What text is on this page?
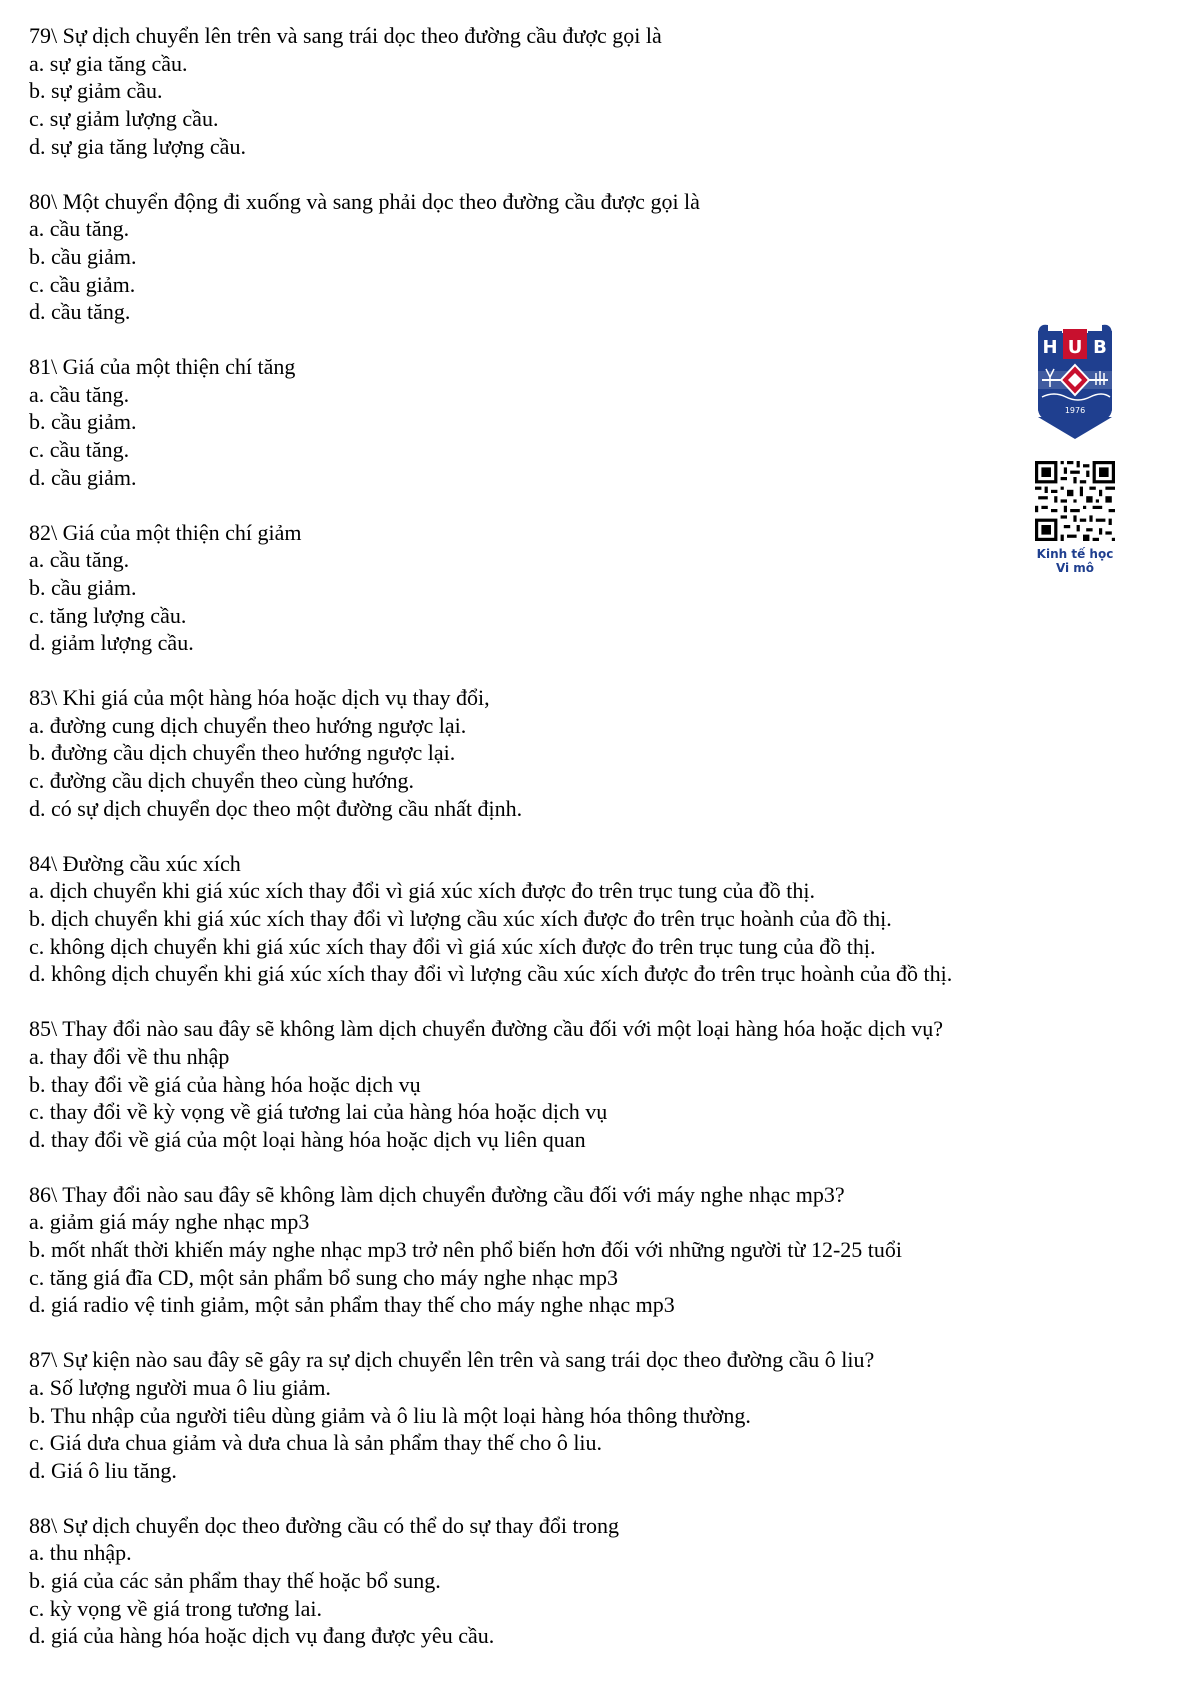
79\ Sự dịch chuyển lên trên và sang trái dọc theo đường cầu được gọi là
a. sự gia tăng cầu.
b. sự giảm cầu.
c. sự giảm lượng cầu.
d. sự gia tăng lượng cầu.
80\ Một chuyển động đi xuống và sang phải dọc theo đường cầu được gọi là
a. cầu tăng.
b. cầu giảm.
c. cầu giảm.
d. cầu tăng.
81\ Giá của một thiện chí tăng
a. cầu tăng.
b. cầu giảm.
c. cầu tăng.
d. cầu giảm.
82\ Giá của một thiện chí giảm
a. cầu tăng.
b. cầu giảm.
c. tăng lượng cầu.
d. giảm lượng cầu.
83\ Khi giá của một hàng hóa hoặc dịch vụ thay đổi,
a. đường cung dịch chuyển theo hướng ngược lại.
b. đường cầu dịch chuyển theo hướng ngược lại.
c. đường cầu dịch chuyển theo cùng hướng.
d. có sự dịch chuyển dọc theo một đường cầu nhất định.
84\ Đường cầu xúc xích
a. dịch chuyển khi giá xúc xích thay đổi vì giá xúc xích được đo trên trục tung của đồ thị.
b. dịch chuyển khi giá xúc xích thay đổi vì lượng cầu xúc xích được đo trên trục hoành của đồ thị.
c. không dịch chuyển khi giá xúc xích thay đổi vì giá xúc xích được đo trên trục tung của đồ thị.
d. không dịch chuyển khi giá xúc xích thay đổi vì lượng cầu xúc xích được đo trên trục hoành của đồ thị.
85\ Thay đổi nào sau đây sẽ không làm dịch chuyển đường cầu đối với một loại hàng hóa hoặc dịch vụ?
a. thay đổi về thu nhập
b. thay đổi về giá của hàng hóa hoặc dịch vụ
c. thay đổi về kỳ vọng về giá tương lai của hàng hóa hoặc dịch vụ
d. thay đổi về giá của một loại hàng hóa hoặc dịch vụ liên quan
86\ Thay đổi nào sau đây sẽ không làm dịch chuyển đường cầu đối với máy nghe nhạc mp3?
a. giảm giá máy nghe nhạc mp3
b. mốt nhất thời khiến máy nghe nhạc mp3 trở nên phổ biến hơn đối với những người từ 12-25 tuổi
c. tăng giá đĩa CD, một sản phẩm bổ sung cho máy nghe nhạc mp3
d. giá radio vệ tinh giảm, một sản phẩm thay thế cho máy nghe nhạc mp3
87\ Sự kiện nào sau đây sẽ gây ra sự dịch chuyển lên trên và sang trái dọc theo đường cầu ô liu?
a. Số lượng người mua ô liu giảm.
b. Thu nhập của người tiêu dùng giảm và ô liu là một loại hàng hóa thông thường.
c. Giá dưa chua giảm và dưa chua là sản phẩm thay thế cho ô liu.
d. Giá ô liu tăng.
88\ Sự dịch chuyển dọc theo đường cầu có thể do sự thay đổi trong
a. thu nhập.
b. giá của các sản phẩm thay thế hoặc bổ sung.
c. kỳ vọng về giá trong tương lai.
d. giá của hàng hóa hoặc dịch vụ đang được yêu cầu.
H U B
1976
Kinh tế học
Vi mô
